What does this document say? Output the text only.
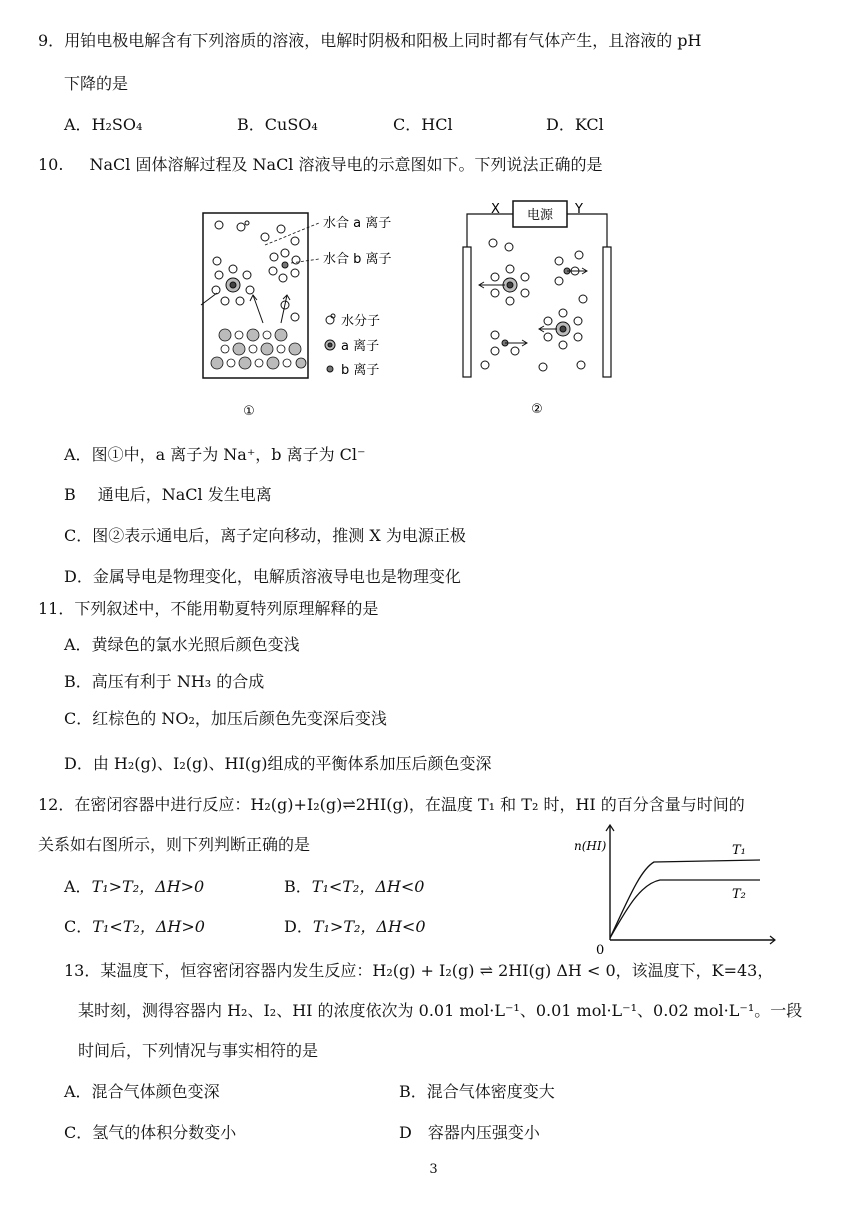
9．用铂电极电解含有下列溶质的溶液，电解时阴极和阳极上同时都有气体产生，且溶液的 pH
下降的是
A．H₂SO₄	B．CuSO₄	C．HCl	D．KCl
10. NaCl 固体溶解过程及 NaCl 溶液导电的示意图如下。下列说法正确的是
水合 a 离子
水合 b 离子
水分子
a 离子
b 离子
①
电源
X	Y
②
A．图①中，a 离子为 Na⁺，b 离子为 Cl⁻
B 通电后，NaCl 发生电离
C．图②表示通电后，离子定向移动，推测 X 为电源正极
D．金属导电是物理变化，电解质溶液导电也是物理变化
11．下列叙述中，不能用勒夏特列原理解释的是
A．黄绿色的氯水光照后颜色变浅
B．高压有利于 NH₃ 的合成
C．红棕色的 NO₂，加压后颜色先变深后变浅
D．由 H₂(g)、I₂(g)、HI(g)组成的平衡体系加压后颜色变深
12．在密闭容器中进行反应：H₂(g)+I₂(g)⇌2HI(g)，在温度 T₁ 和 T₂ 时，HI 的百分含量与时间的
关系如右图所示，则下列判断正确的是
A．T₁>T₂，ΔH>0	B．T₁<T₂，ΔH<0
C．T₁<T₂，ΔH>0	D．T₁>T₂，ΔH<0
n(HI)
0
T₁
T₂
13．某温度下，恒容密闭容器内发生反应：H₂(g) + I₂(g) ⇌ 2HI(g) ΔH < 0，该温度下，K=43，
某时刻，测得容器内 H₂、I₂、HI 的浓度依次为 0.01 mol·L⁻¹、0.01 mol·L⁻¹、0.02 mol·L⁻¹。一段
时间后，下列情况与事实相符的是
A．混合气体颜色变深	B．混合气体密度变大
C．氢气的体积分数变小	D 容器内压强变小
3
